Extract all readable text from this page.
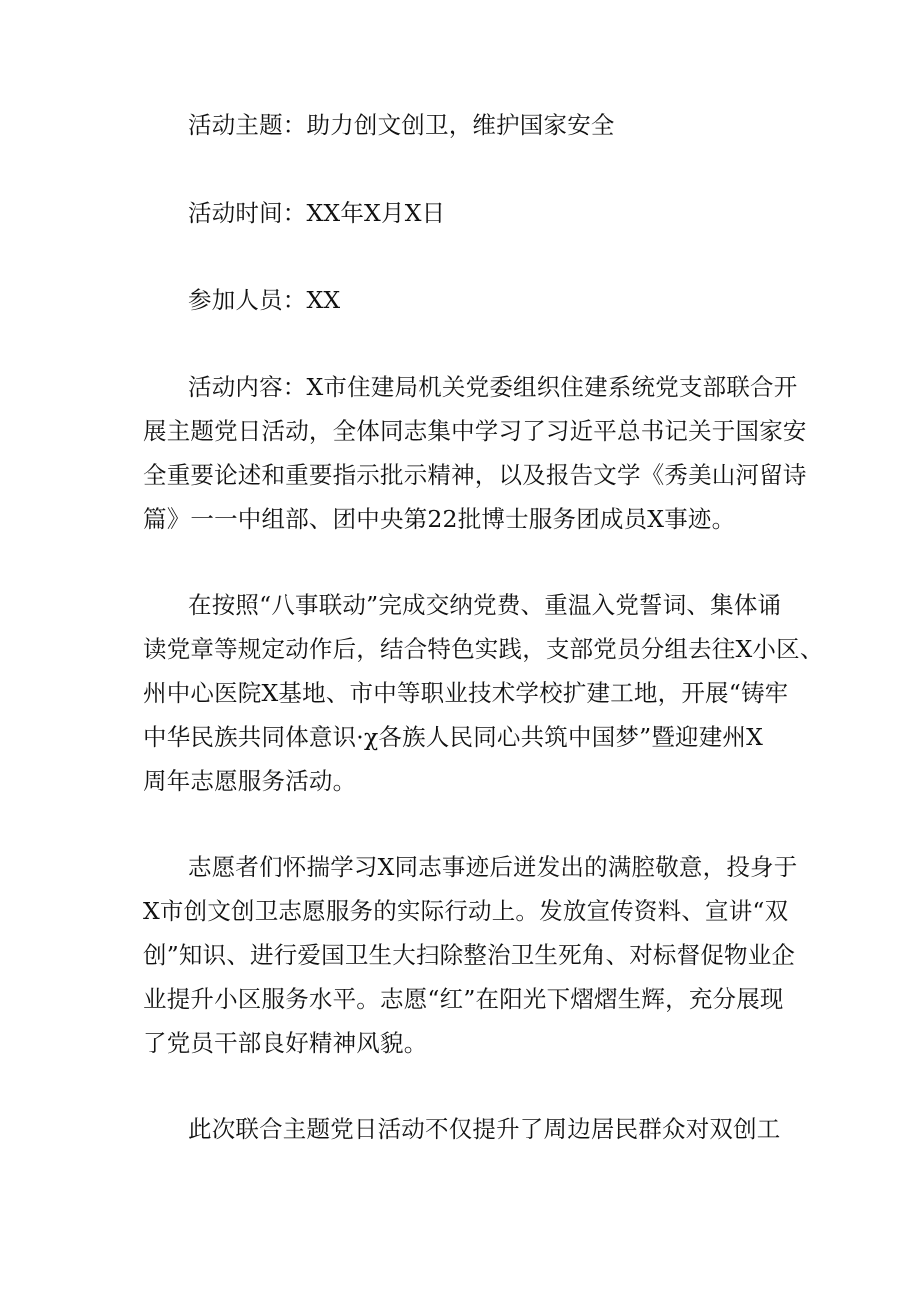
活动主题：助力创文创卫，维护国家安全
活动时间：XX年X月X日
参加人员：XX
活动内容：X市住建局机关党委组织住建系统党支部联合开
展主题党日活动，全体同志集中学习了习近平总书记关于国家安
全重要论述和重要指示批示精神，以及报告文学《秀美山河留诗
篇》一一中组部、团中央第22批博士服务团成员X事迹。
在按照“八事联动”完成交纳党费、重温入党誓词、集体诵
读党章等规定动作后，结合特色实践，支部党员分组去往X小区、
州中心医院X基地、市中等职业技术学校扩建工地，开展“铸牢
中华民族共同体意识·χ各族人民同心共筑中国梦”暨迎建州X
周年志愿服务活动。
志愿者们怀揣学习X同志事迹后迸发出的满腔敬意，投身于
X市创文创卫志愿服务的实际行动上。发放宣传资料、宣讲“双
创”知识、进行爱国卫生大扫除整治卫生死角、对标督促物业企
业提升小区服务水平。志愿“红”在阳光下熠熠生辉，充分展现
了党员干部良好精神风貌。
此次联合主题党日活动不仅提升了周边居民群众对双创工
